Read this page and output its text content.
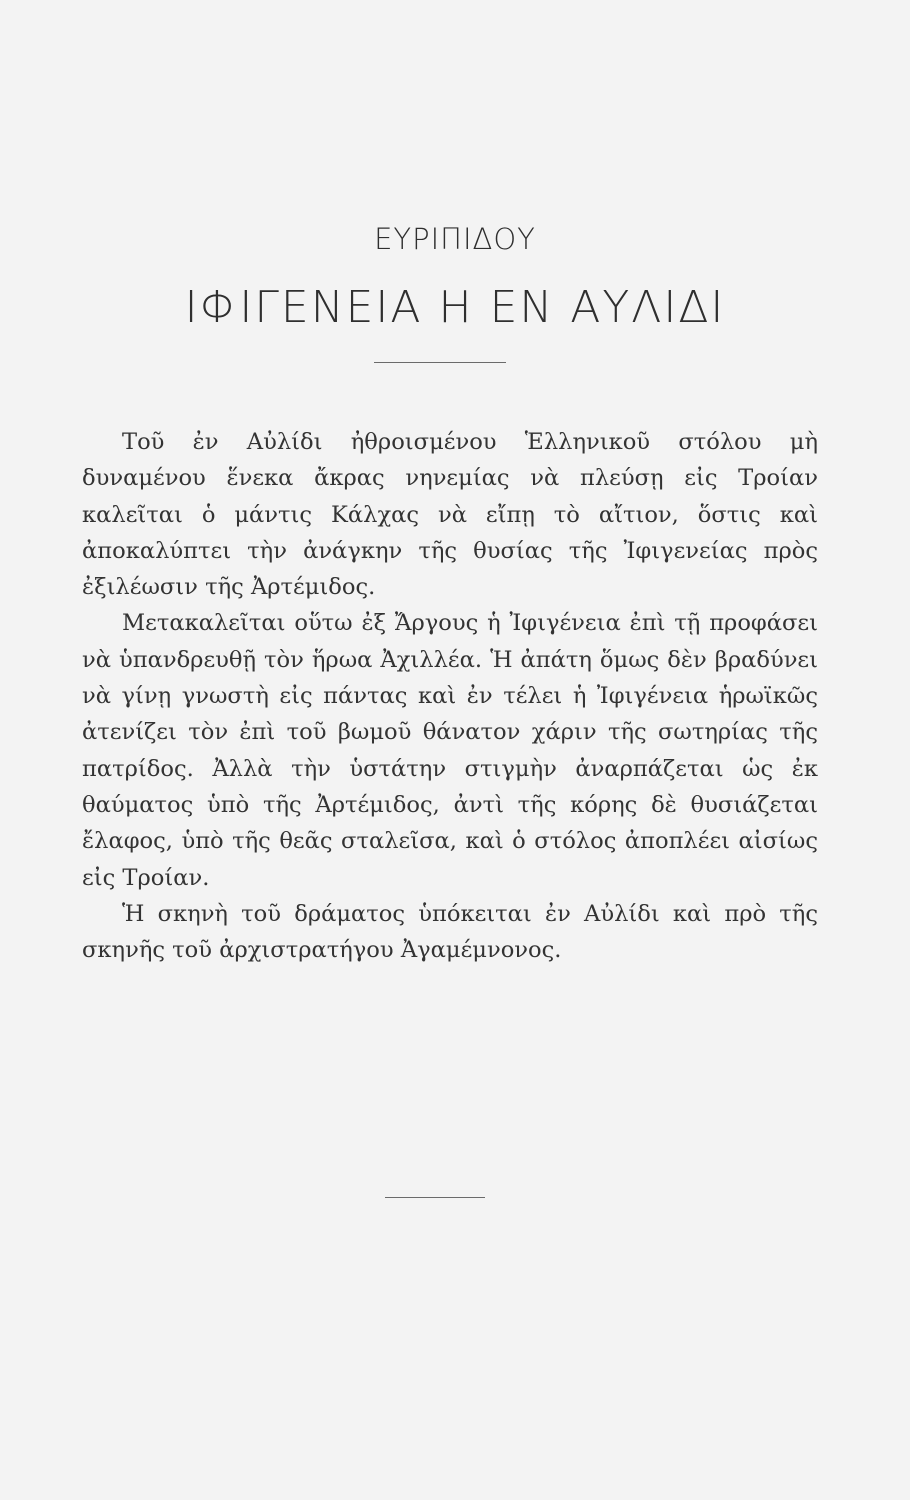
ΕΥΡΙΠΙΔΟΥ
ΙΦΙΓΕΝΕΙΑ Η ΕΝ ΑΥΛΙΔΙ

Τοῦ ἐν Αὐλίδι ἠθροισμένου Ἑλληνικοῦ στόλου μὴ δυναμένου ἕνεκα ἄκρας νηνεμίας νὰ πλεύσῃ εἰς Τροίαν καλεῖται ὁ μάντις Κάλχας νὰ εἴπῃ τὸ αἴτιον, ὅστις καὶ ἀποκαλύπτει τὴν ἀνάγκην τῆς θυσίας τῆς Ἰφιγενείας πρὸς ἐξιλέωσιν τῆς Ἀρτέμιδος.

Μετακαλεῖται οὕτω ἐξ Ἄργους ἡ Ἰφιγένεια ἐπὶ τῇ προφάσει νὰ ὑπανδρευθῇ τὸν ἥρωα Ἀχιλλέα. Ἡ ἀπάτη ὅμως δὲν βραδύνει νὰ γίνῃ γνωστὴ εἰς πάντας καὶ ἐν τέλει ἡ Ἰφιγένεια ἡρωϊκῶς ἀτενίζει τὸν ἐπὶ τοῦ βωμοῦ θάνατον χάριν τῆς σωτηρίας τῆς πατρίδος. Ἀλλὰ τὴν ὑστάτην στιγμὴν ἀναρπάζεται ὡς ἐκ θαύματος ὑπὸ τῆς Ἀρτέμιδος, ἀντὶ τῆς κόρης δὲ θυσιάζεται ἔλαφος, ὑπὸ τῆς θεᾶς σταλεῖσα, καὶ ὁ στόλος ἀποπλέει αἰσίως εἰς Τροίαν.

Ἡ σκηνὴ τοῦ δράματος ὑπόκειται ἐν Αὐλίδι καὶ πρὸ τῆς σκηνῆς τοῦ ἀρχιστρατήγου Ἀγαμέμνονος.
